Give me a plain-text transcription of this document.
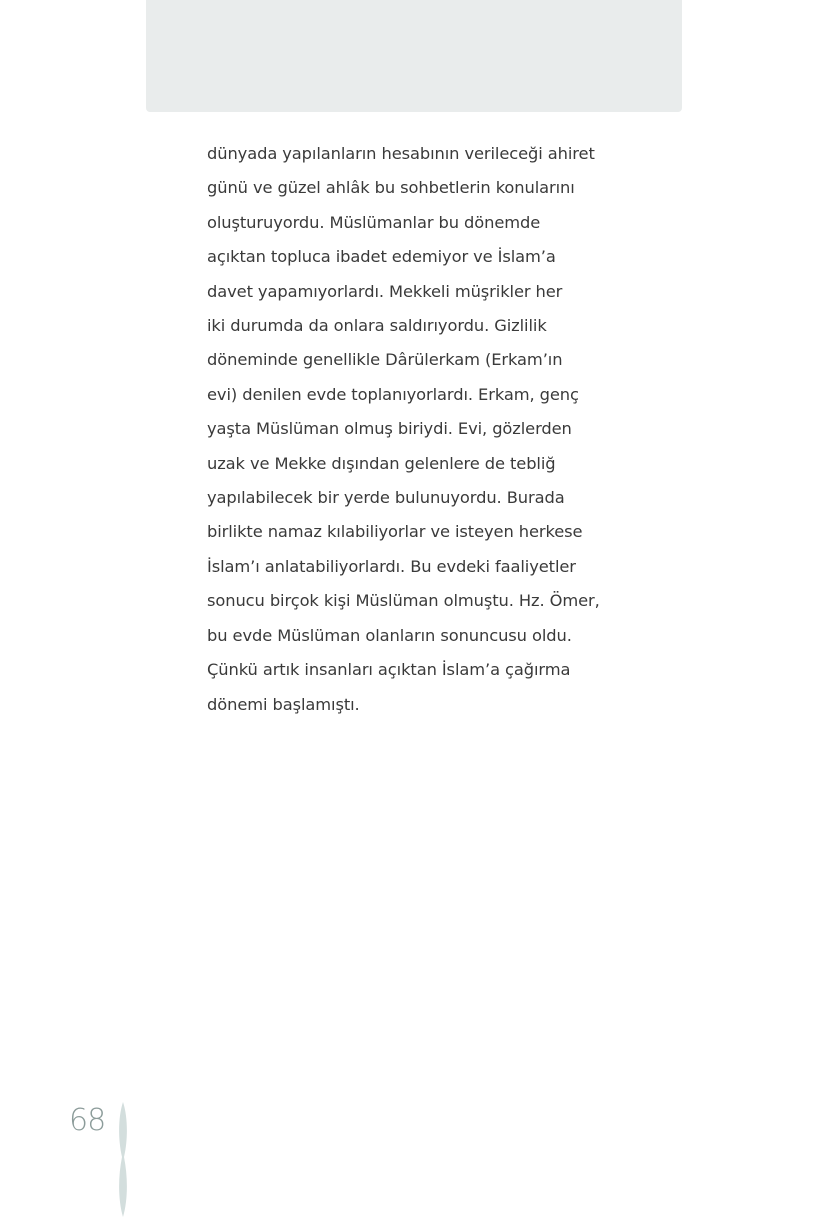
dünyada yapılanların hesabının verileceği ahiret
günü ve güzel ahlâk bu sohbetlerin konularını
oluşturuyordu. Müslümanlar bu dönemde
açıktan topluca ibadet edemiyor ve İslam’a
davet yapamıyorlardı. Mekkeli müşrikler her
iki durumda da onlara saldırıyordu. Gizlilik
döneminde genellikle Dârülerkam (Erkam’ın
evi) denilen evde toplanıyorlardı. Erkam, genç
yaşta Müslüman olmuş biriydi. Evi, gözlerden
uzak ve Mekke dışından gelenlere de tebliğ
yapılabilecek bir yerde bulunuyordu. Burada
birlikte namaz kılabiliyorlar ve isteyen herkese
İslam’ı anlatabiliyorlardı. Bu evdeki faaliyetler
sonucu birçok kişi Müslüman olmuştu. Hz. Ömer,
bu evde Müslüman olanların sonuncusu oldu.
Çünkü artık insanları açıktan İslam’a çağırma
dönemi başlamıştı.
68
